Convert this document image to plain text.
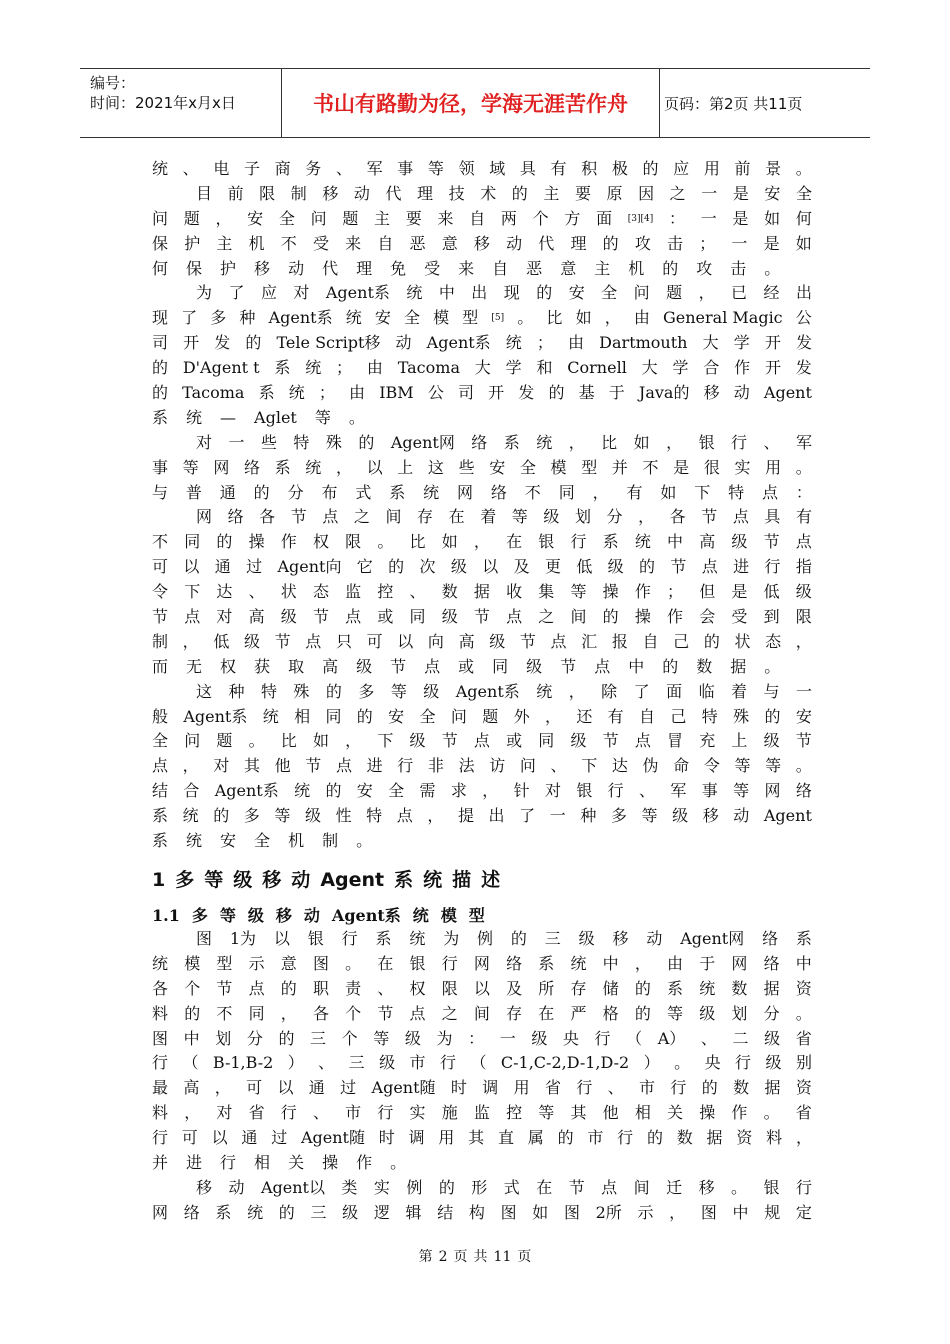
编号：
时间：2021年x月x日	书山有路勤为径，学海无涯苦作舟	页码：第2页 共11页
统 、 电 子 商 务 、 军 事 等 领 域 具 有 积 极 的 应 用 前 景 。
目 前 限 制 移 动 代 理 技 术 的 主 要 原 因 之 一 是 安 全
问 题 ， 安 全 问 题 主 要 来 自 两 个 方 面 [3][4] ： 一 是 如 何
保 护 主 机 不 受 来 自 恶 意 移 动 代 理 的 攻 击 ； 一 是 如
何 保 护 移 动 代 理 免 受 来 自 恶 意 主 机 的 攻 击 。
为 了 应 对 Agent系 统 中 出 现 的 安 全 问 题 ， 已 经 出
现 了 多 种 Agent系 统 安 全 模 型 [5] 。 比 如 ， 由 General Magic 公
司 开 发 的 Tele Script移 动 Agent系 统 ； 由 Dartmouth 大 学 开 发
的 D'Agent t 系 统 ； 由 Tacoma 大 学 和 Cornell 大 学 合 作 开 发
的 Tacoma 系 统 ； 由 IBM 公 司 开 发 的 基 于 Java的 移 动 Agent
系 统 — Aglet 等 。
对 一 些 特 殊 的 Agent网 络 系 统 ， 比 如 ， 银 行 、 军
事 等 网 络 系 统 ， 以 上 这 些 安 全 模 型 并 不 是 很 实 用 。
与 普 通 的 分 布 式 系 统 网 络 不 同 ， 有 如 下 特 点 ：
网 络 各 节 点 之 间 存 在 着 等 级 划 分 ， 各 节 点 具 有
不 同 的 操 作 权 限 。 比 如 ， 在 银 行 系 统 中 高 级 节 点
可 以 通 过 Agent向 它 的 次 级 以 及 更 低 级 的 节 点 进 行 指
令 下 达 、 状 态 监 控 、 数 据 收 集 等 操 作 ； 但 是 低 级
节 点 对 高 级 节 点 或 同 级 节 点 之 间 的 操 作 会 受 到 限
制 ， 低 级 节 点 只 可 以 向 高 级 节 点 汇 报 自 己 的 状 态 ，
而 无 权 获 取 高 级 节 点 或 同 级 节 点 中 的 数 据 。
这 种 特 殊 的 多 等 级 Agent系 统 ， 除 了 面 临 着 与 一
般 Agent系 统 相 同 的 安 全 问 题 外 ， 还 有 自 己 特 殊 的 安
全 问 题 。 比 如 ， 下 级 节 点 或 同 级 节 点 冒 充 上 级 节
点 ， 对 其 他 节 点 进 行 非 法 访 问 、 下 达 伪 命 令 等 等 。
结 合 Agent系 统 的 安 全 需 求 ， 针 对 银 行 、 军 事 等 网 络
系 统 的 多 等 级 性 特 点 ， 提 出 了 一 种 多 等 级 移 动 Agent
系 统 安 全 机 制 。
1 多 等 级 移 动 Agent 系 统 描 述
1.1 多 等 级 移 动 Agent系 统 模 型
图 1为 以 银 行 系 统 为 例 的 三 级 移 动 Agent网 络 系
统 模 型 示 意 图 。 在 银 行 网 络 系 统 中 ， 由 于 网 络 中
各 个 节 点 的 职 责 、 权 限 以 及 所 存 储 的 系 统 数 据 资
料 的 不 同 ， 各 个 节 点 之 间 存 在 严 格 的 等 级 划 分 。
图 中 划 分 的 三 个 等 级 为 ： 一 级 央 行 （ A） 、 二 级 省
行 （ B-1,B-2 ） 、 三 级 市 行 （ C-1,C-2,D-1,D-2 ） 。 央 行 级 别
最 高 ， 可 以 通 过 Agent随 时 调 用 省 行 、 市 行 的 数 据 资
料 ， 对 省 行 、 市 行 实 施 监 控 等 其 他 相 关 操 作 。 省
行 可 以 通 过 Agent随 时 调 用 其 直 属 的 市 行 的 数 据 资 料 ，
并 进 行 相 关 操 作 。
移 动 Agent以 类 实 例 的 形 式 在 节 点 间 迁 移 。 银 行
网 络 系 统 的 三 级 逻 辑 结 构 图 如 图 2所 示 ， 图 中 规 定
第 2 页 共 11 页
